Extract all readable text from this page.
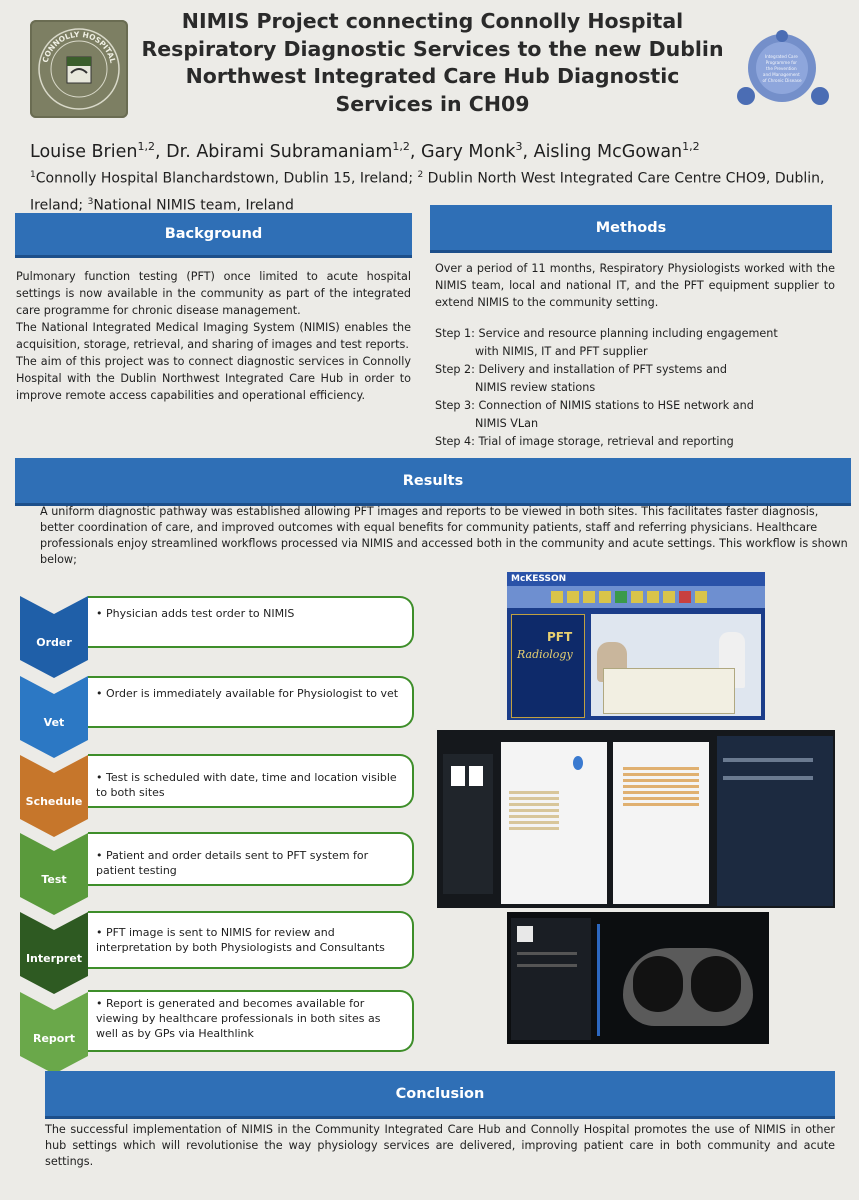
CONNOLLY HOSPITAL
Integrated Care Programme for the Prevention and Management of Chronic Disease
NIMIS Project connecting Connolly Hospital Respiratory Diagnostic Services to the new Dublin Northwest Integrated Care Hub Diagnostic Services in CH09
Louise Brien$^{1,2}$, Dr. Abirami Subramaniam$^{1,2}$, Gary Monk$^3$, Aisling McGowan$^{1,2}$
$^1$Connolly Hospital Blanchardstown, Dublin 15, Ireland; $^2$ Dublin North West Integrated Care Centre CHO9, Dublin, Ireland; $^3$National NIMIS team, Ireland
Background
Pulmonary function testing (PFT) once limited to acute hospital settings is now available in the community as part of the integrated care programme for chronic disease management.
The National Integrated Medical Imaging System (NIMIS) enables the acquisition, storage, retrieval, and sharing of images and test reports.
The aim of this project was to connect diagnostic services in Connolly Hospital with the Dublin Northwest Integrated Care Hub in order to improve remote access capabilities and operational efficiency.
Methods
Over a period of 11 months, Respiratory Physiologists worked with the NIMIS team, local and national IT, and the PFT equipment supplier to extend NIMIS to the community setting.
Step 1: Service and resource planning including engagement
with NIMIS, IT and PFT supplier
Step 2: Delivery and installation of PFT systems and
NIMIS review stations
Step 3: Connection of NIMIS stations to HSE network and
NIMIS VLan
Step 4: Trial of image storage, retrieval and reporting
Results
A uniform diagnostic pathway was established allowing PFT images and reports to be viewed in both sites. This facilitates faster diagnosis, better coordination of care, and improved outcomes with equal benefits for community patients, staff and referring physicians. Healthcare professionals enjoy streamlined workflows processed via NIMIS and accessed both in the community and acute settings. This workflow is shown below;
Order
• Physician adds test order to NIMIS
Vet
• Order is immediately available for Physiologist to vet
Schedule
• Test is scheduled with date, time and location visible to both sites
Test
• Patient and order details sent to PFT system for patient testing
Interpret
• PFT image is sent to NIMIS for review and interpretation by both Physiologists and Consultants
Report
• Report is generated and becomes available for viewing by healthcare professionals in both sites as well as by GPs via Healthlink
McKESSON
PFT
Radiology
Conclusion
The successful implementation of NIMIS in the Community Integrated Care Hub and Connolly Hospital promotes the use of NIMIS in other hub settings which will revolutionise the way physiology services are delivered, improving patient care in both community and acute settings.
